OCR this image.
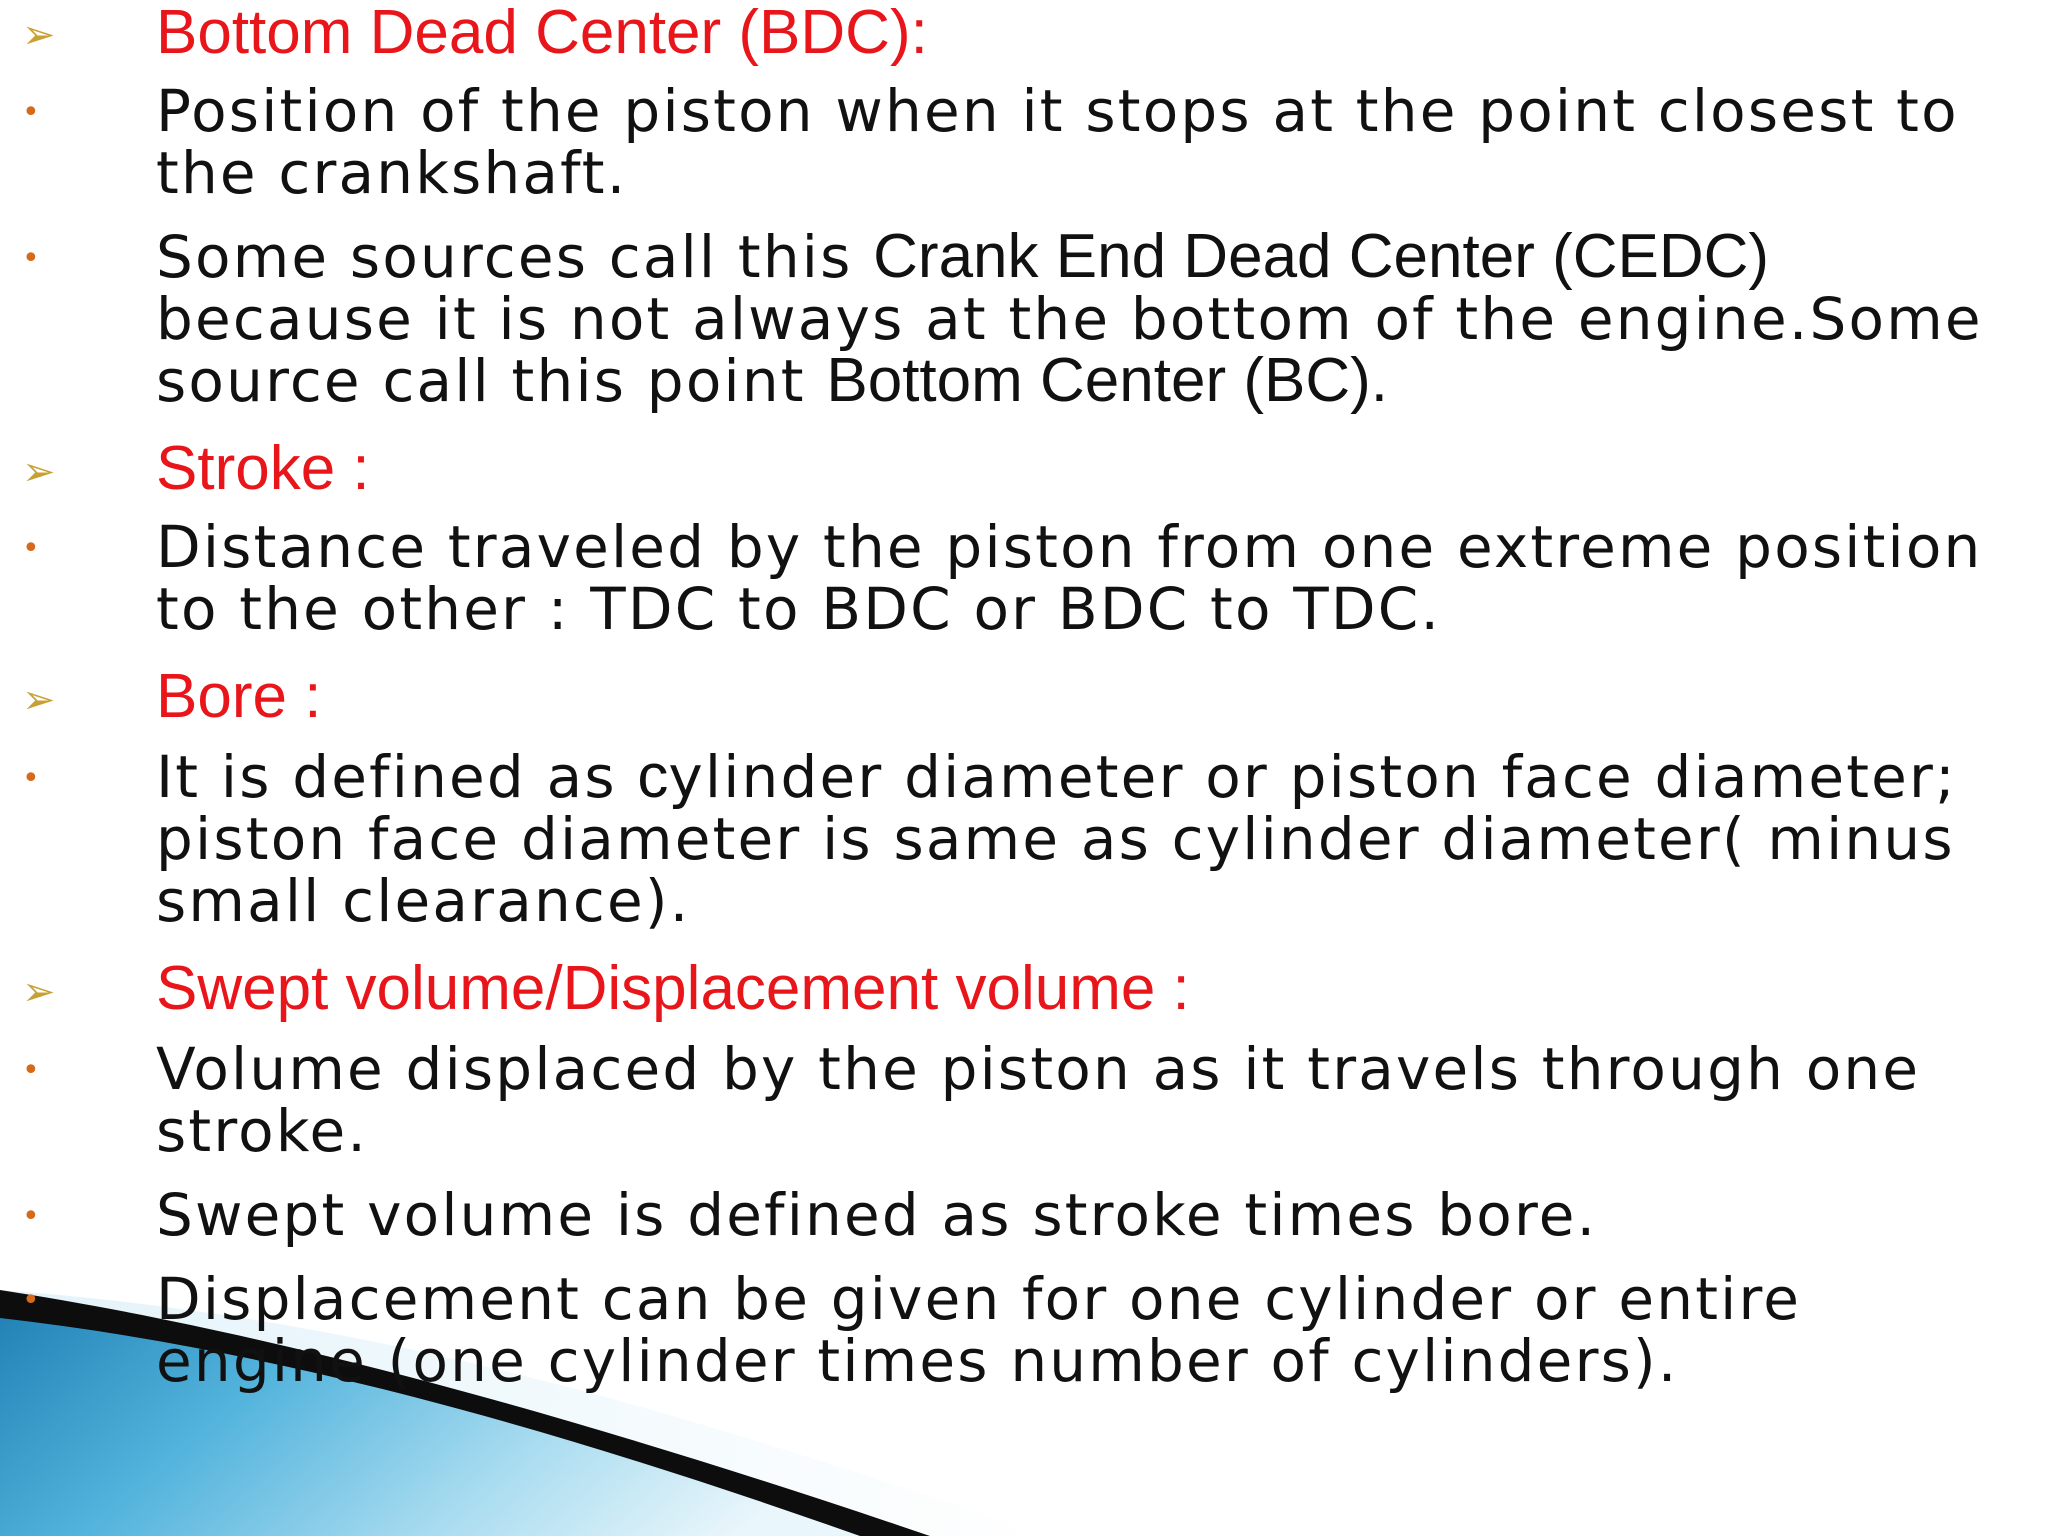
➢ Bottom Dead Center (BDC):
• Position of the piston when it stops at the point closest to
the crankshaft.
• Some sources call this Crank End Dead Center (CEDC)
because it is not always at the bottom of the engine.Some
source call this point Bottom Center (BC).
➢ Stroke :
• Distance traveled by the piston from one extreme position
to the other : TDC to BDC or BDC to TDC.
➢ Bore :
• It is defined as cylinder diameter or piston face diameter;
piston face diameter is same as cylinder diameter( minus
small clearance).
➢ Swept volume/Displacement volume :
• Volume displaced by the piston as it travels through one
stroke.
• Swept volume is defined as stroke times bore.
• Displacement can be given for one cylinder or entire
engine (one cylinder times number of cylinders).
